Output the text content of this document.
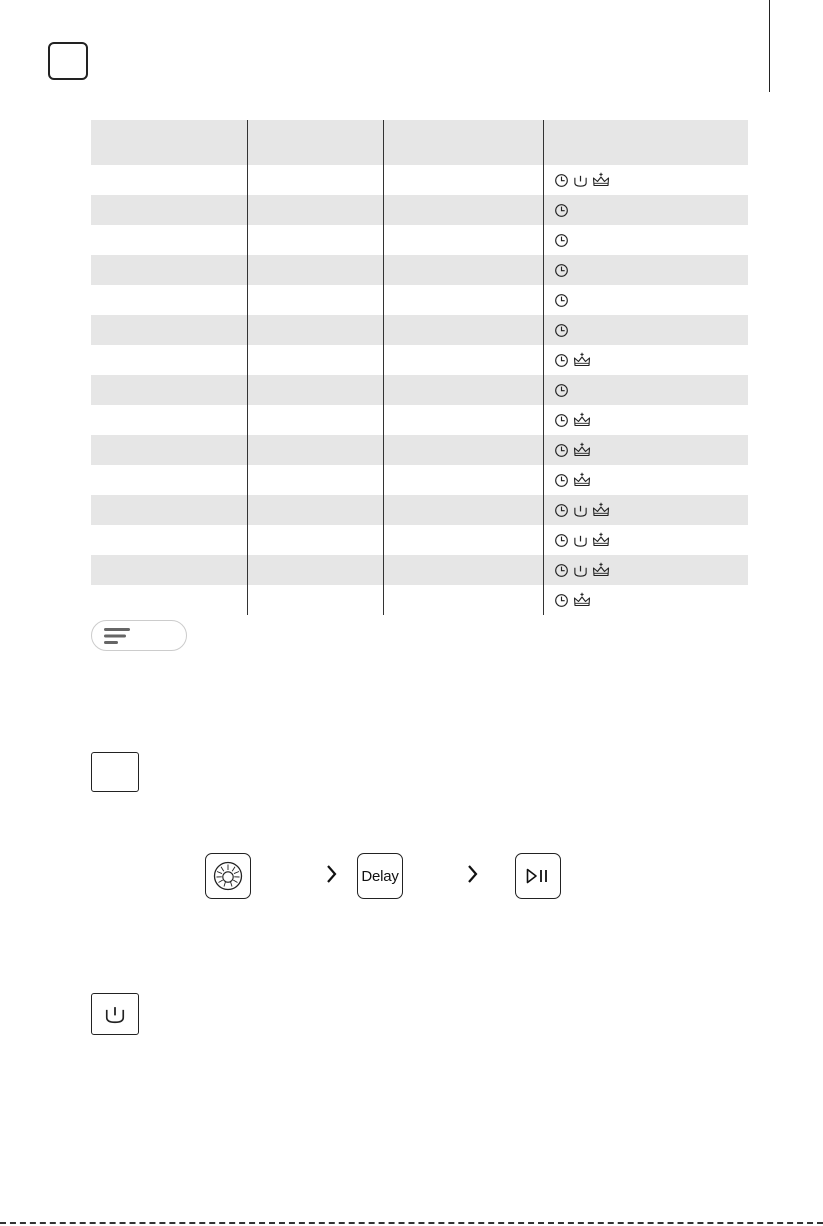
Delay
